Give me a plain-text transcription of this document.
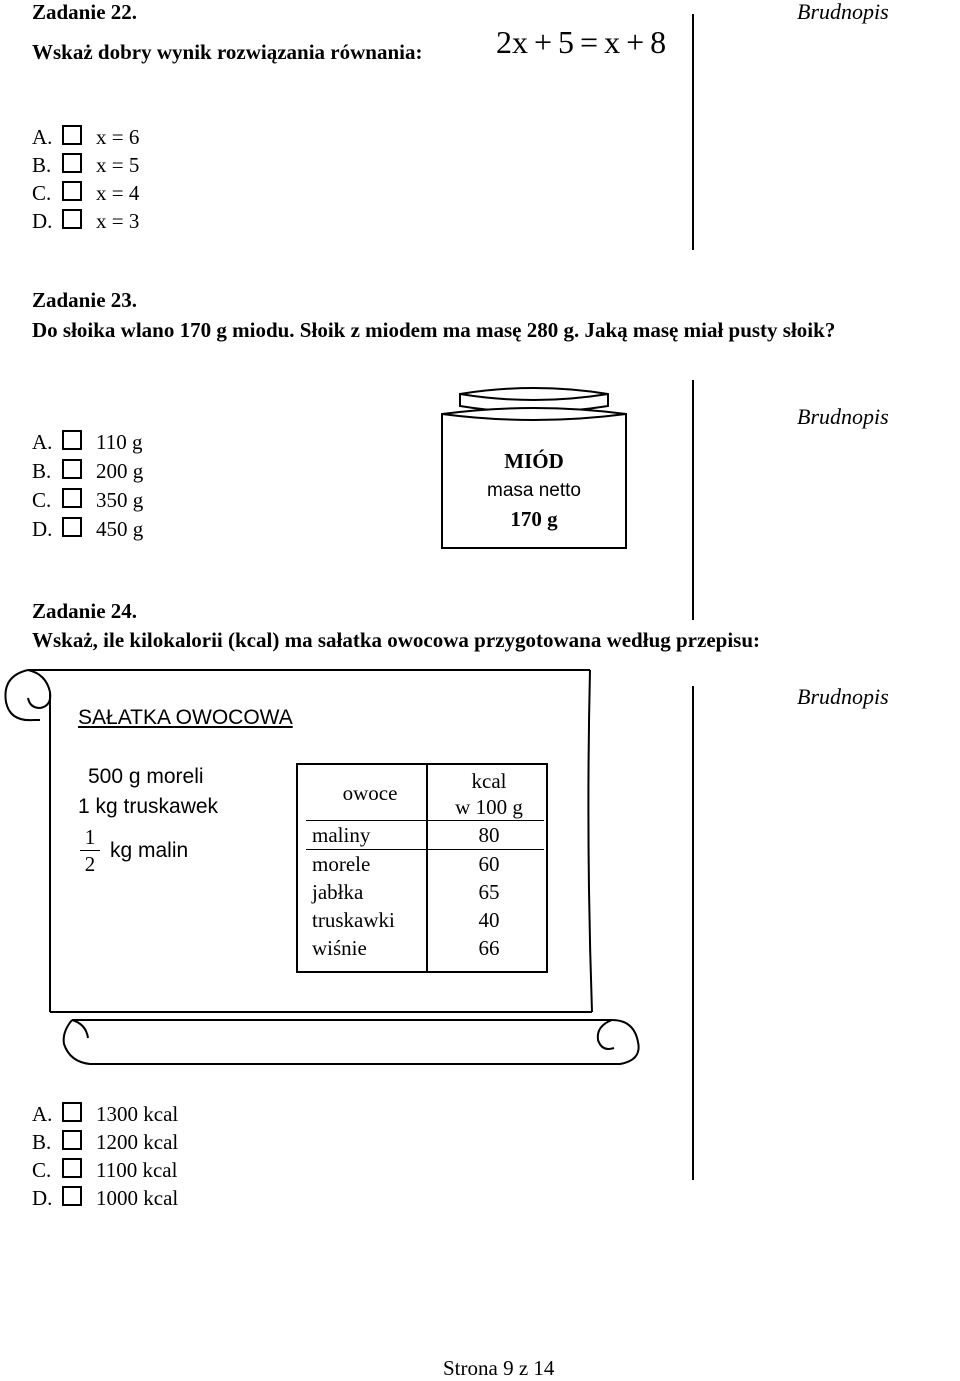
Brudnopis
Brudnopis
Brudnopis
Zadanie 22.
Wskaż dobry wynik rozwiązania równania: 2x + 5 = x + 8
A. x = 6
B. x = 5
C. x = 4
D. x = 3
Zadanie 23.
Do słoika wlano 170 g miodu. Słoik z miodem ma masę 280 g. Jaką masę miał pusty słoik?
A. 110 g
B. 200 g
C. 350 g
D. 450 g
MIÓD
masa netto
170 g
Zadanie 24.
Wskaż, ile kilokalorii (kcal) ma sałatka owocowa przygotowana według przepisu:
SAŁATKA OWOCOWA
500 g moreli
1 kg truskawek
1
2
kg malin
owoce	kcal
w 100 g

maliny	80
morele	60
jabłka	65
truskawki	40
wiśnie	66
A. 1300 kcal
B. 1200 kcal
C. 1100 kcal
D. 1000 kcal
Strona 9 z 14
